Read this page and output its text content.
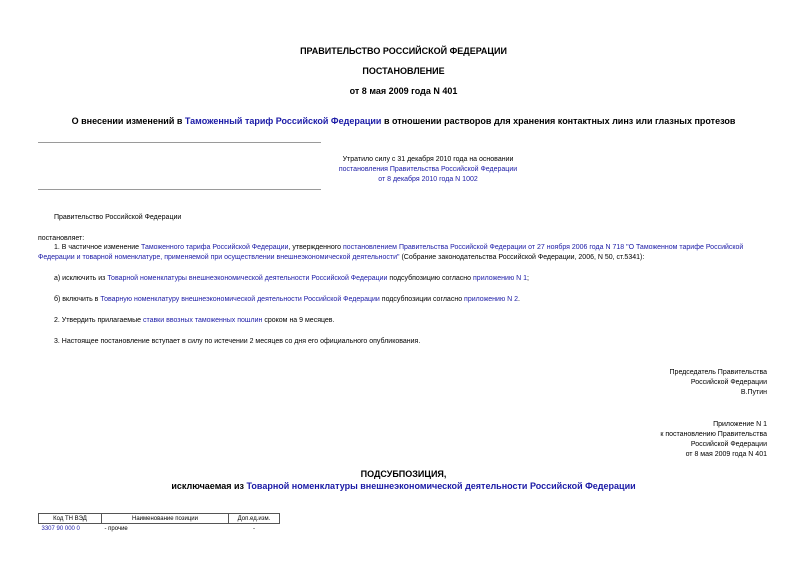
ПРАВИТЕЛЬСТВО РОССИЙСКОЙ ФЕДЕРАЦИИ
ПОСТАНОВЛЕНИЕ
от 8 мая 2009 года N 401
О внесении изменений в Таможенный тариф Российской Федерации в отношении растворов для хранения контактных линз или глазных протезов
Утратило силу с 31 декабря 2010 года на основании
постановления Правительства Российской Федерации
от 8 декабря 2010 года N 1002
Правительство Российской Федерации
постановляет:
1. В частичное изменение Таможенного тарифа Российской Федерации, утвержденного постановлением Правительства Российской Федерации от 27 ноября 2006 года N 718 "О Таможенном тарифе Российской
Федерации и товарной номенклатуре, применяемой при осуществлении внешнеэкономической деятельности" (Собрание законодательства Российской Федерации, 2006, N 50, ст.5341):
а) исключить из Товарной номенклатуры внешнеэкономической деятельности Российской Федерации подсубпозицию согласно приложению N 1;
б) включить в Товарную номенклатуру внешнеэкономической деятельности Российской Федерации подсубпозиции согласно приложению N 2.
2. Утвердить прилагаемые ставки ввозных таможенных пошлин сроком на 9 месяцев.
3. Настоящее постановление вступает в силу по истечении 2 месяцев со дня его официального опубликования.
Председатель Правительства
Российской Федерации
В.Путин
Приложение N 1
к постановлению Правительства
Российской Федерации
от 8 мая 2009 года N 401
ПОДСУБПОЗИЦИЯ,
исключаемая из Товарной номенклатуры внешнеэкономической деятельности Российской Федерации
Код ТН ВЭД	Наименование позиции	Доп.ед.изм.
3307 90 000 0	- прочие	-
